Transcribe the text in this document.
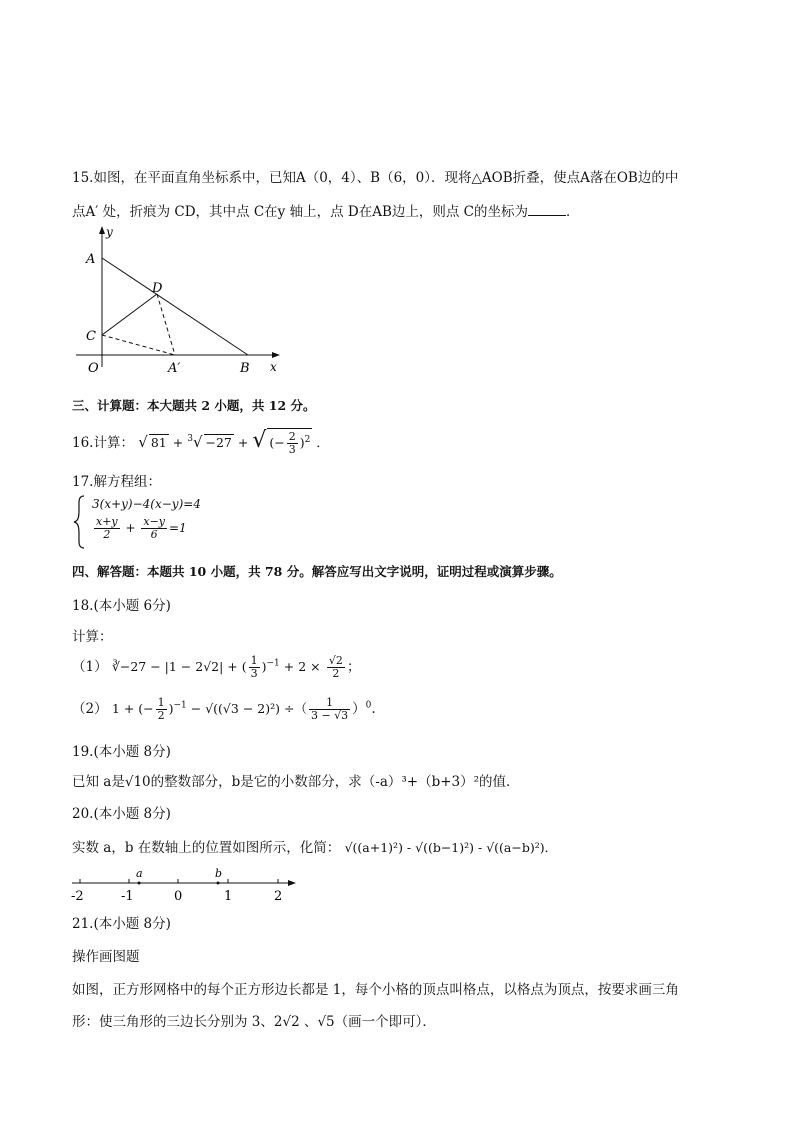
15.如图，在平面直角坐标系中，已知A（0，4）、B（6，0）．现将△AOB折叠，使点A落在OB边的中
点A′ 处，折痕为 CD，其中点 C在y 轴上，点 D在AB边上，则点 C的坐标为	．
y
A
D
C
O	A′	B x
三、计算题：本大题共 2 小题，共 12 分。
16.计算： √ 81 + $^3$√ −27 + √ (− $\frac{2}{3} )^2$ ．
17.解方程组：
3(x+y)−4(x−y)=4
$\frac{x+y}{2} + \frac{x-y}{6} =1$
四、解答题：本题共 10 小题，共 78 分。解答应写出文字说明，证明过程或演算步骤。
18.(本小题 6分)
计算：
（1） ∛−27 − |1 − 2√2| + ( $\frac{1}{3} )^{-1} + 2 \times \frac{√2}{2}$ ；
（2） 1 + (− $\frac{1}{2} )^{-1} - √((√3 - 2)^2)$ ÷（ $\frac{1}{3 - √3} )^0$.
19.(本小题 8分)
已知 a是√10的整数部分，b是它的小数部分，求（-a）³+（b+3）²的值．
20.(本小题 8分)
实数 a，b 在数轴上的位置如图所示，化简： √((a+1)²) - √((b−1)²) - √((a−b)²)．
a	b
-2	-1	0	1	2
21.(本小题 8分)
操作画图题
如图，正方形网格中的每个正方形边长都是 1，每个小格的顶点叫格点，以格点为顶点，按要求画三角
形：使三角形的三边长分别为 3、2√2 、√5（画一个即可）．
